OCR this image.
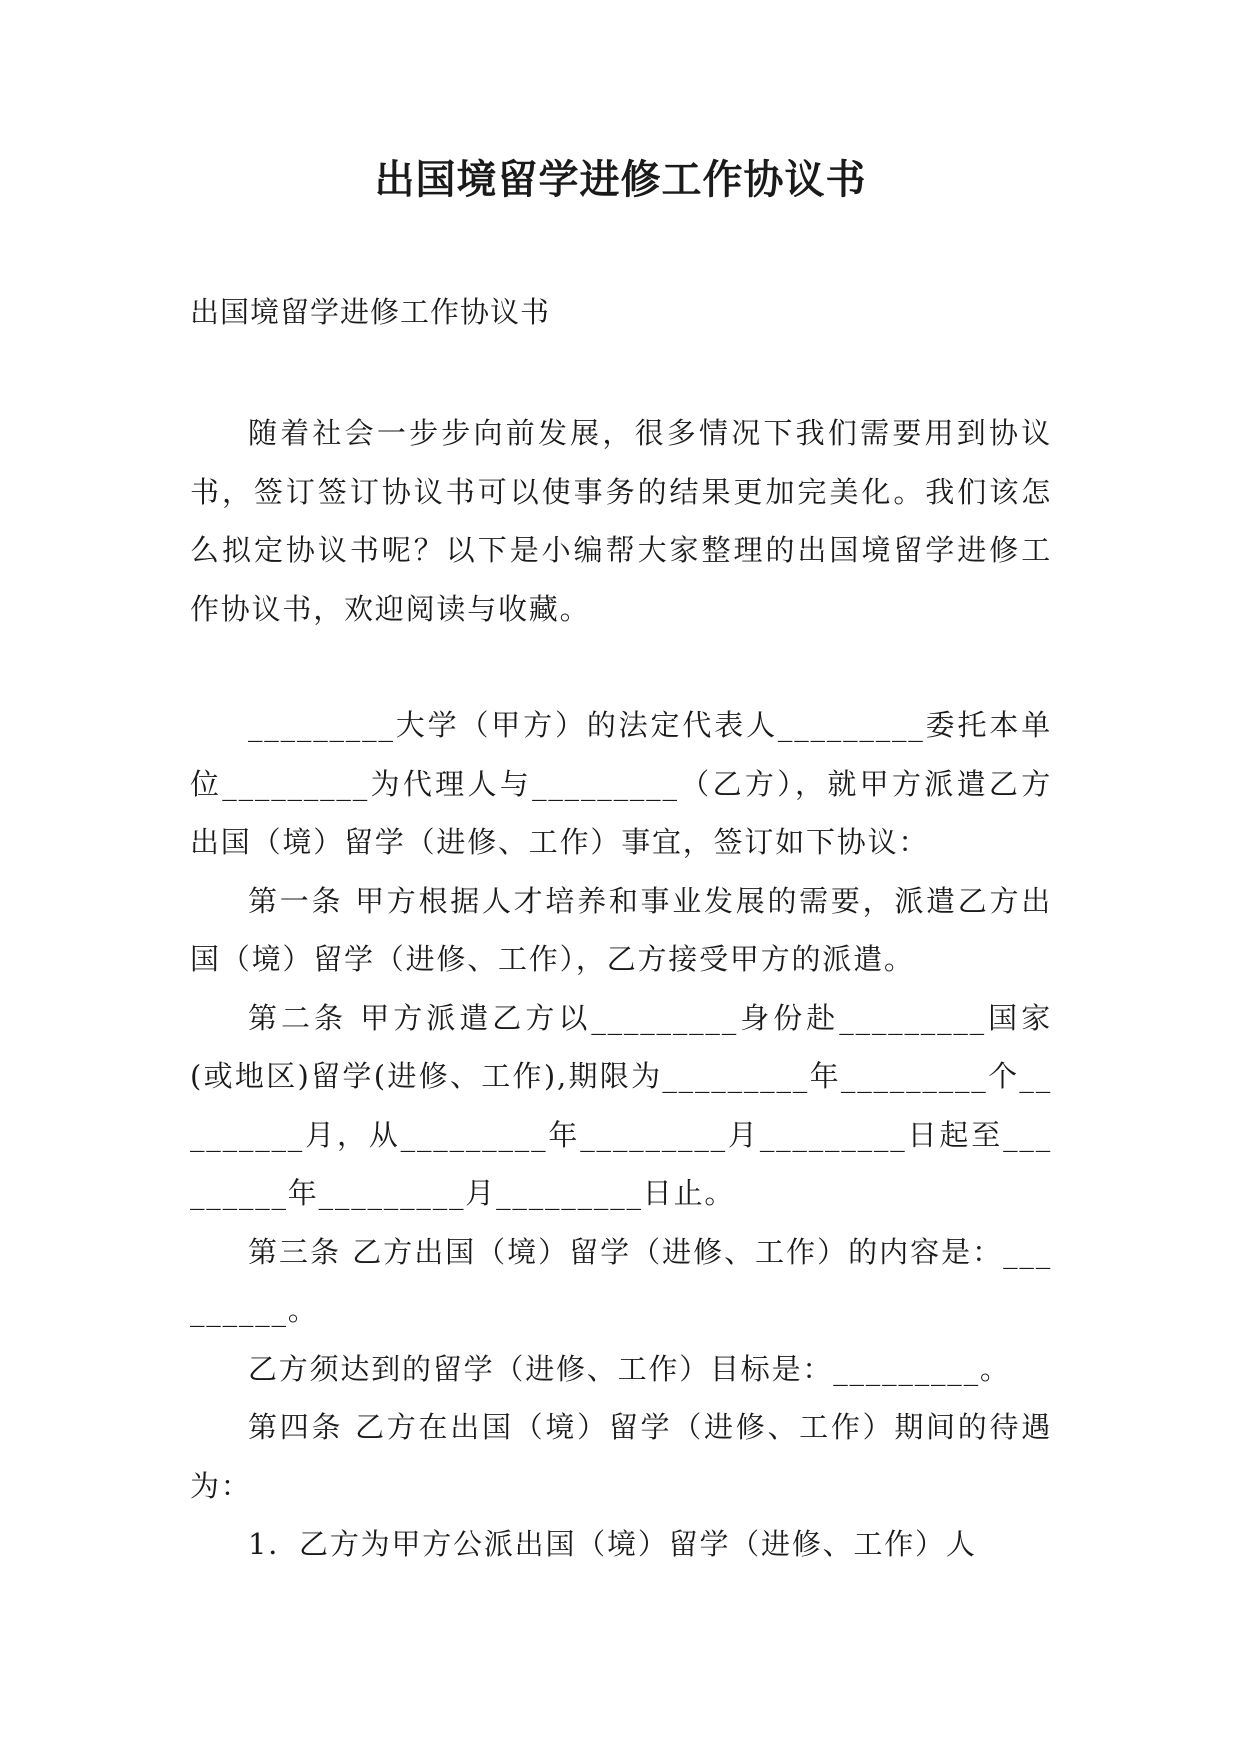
出国境留学进修工作协议书
出国境留学进修工作协议书

随着社会一步步向前发展，很多情况下我们需要用到协议书，签订签订协议书可以使事务的结果更加完美化。我们该怎么拟定协议书呢？以下是小编帮大家整理的出国境留学进修工作协议书，欢迎阅读与收藏。

_________大学（甲方）的法定代表人_________委托本单位_________为代理人与_________（乙方），就甲方派遣乙方出国（境）留学（进修、工作）事宜，签订如下协议：

第一条 甲方根据人才培养和事业发展的需要，派遣乙方出国（境）留学（进修、工作），乙方接受甲方的派遣。

第二条 甲方派遣乙方以_________身份赴_________国家(或地区)留学(进修、工作),期限为_________年_________个_________月，从_________年_________月_________日起至_________年_________月_________日止。

第三条 乙方出国（境）留学（进修、工作）的内容是：_________。

乙方须达到的留学（进修、工作）目标是：_________。

第四条 乙方在出国（境）留学（进修、工作）期间的待遇为：

1．乙方为甲方公派出国（境）留学（进修、工作）人
